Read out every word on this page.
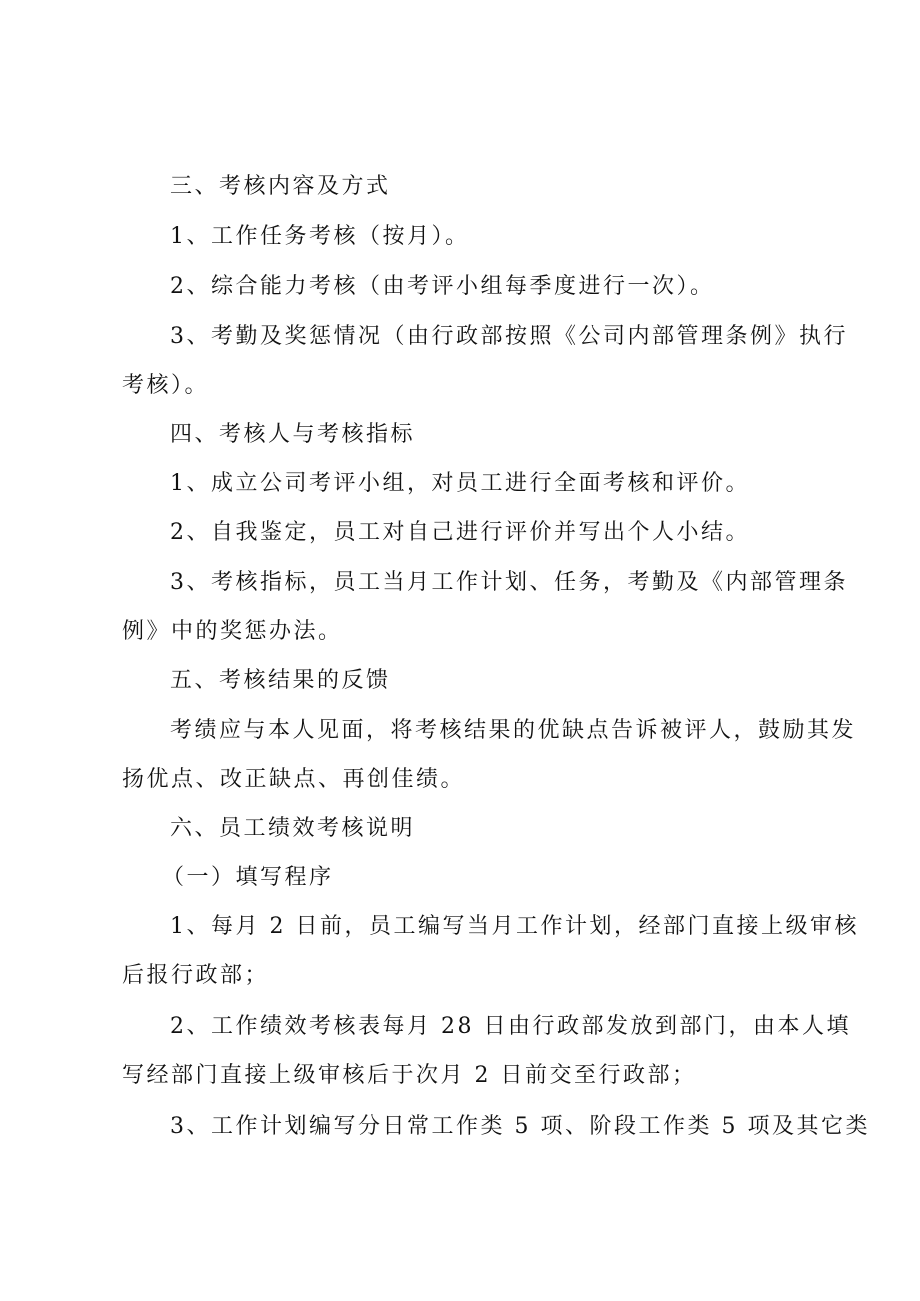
三、考核内容及方式
1、工作任务考核（按月）。
2、综合能力考核（由考评小组每季度进行一次）。
3、考勤及奖惩情况（由行政部按照《公司内部管理条例》执行
考核）。
四、考核人与考核指标
1、成立公司考评小组，对员工进行全面考核和评价。
2、自我鉴定，员工对自己进行评价并写出个人小结。
3、考核指标，员工当月工作计划、任务，考勤及《内部管理条
例》中的奖惩办法。
五、考核结果的反馈
考绩应与本人见面，将考核结果的优缺点告诉被评人，鼓励其发
扬优点、改正缺点、再创佳绩。
六、员工绩效考核说明
（一）填写程序
1、每月 2 日前，员工编写当月工作计划，经部门直接上级审核
后报行政部；
2、工作绩效考核表每月 28 日由行政部发放到部门，由本人填
写经部门直接上级审核后于次月 2 日前交至行政部；
3、工作计划编写分日常工作类 5 项、阶段工作类 5 项及其它类
